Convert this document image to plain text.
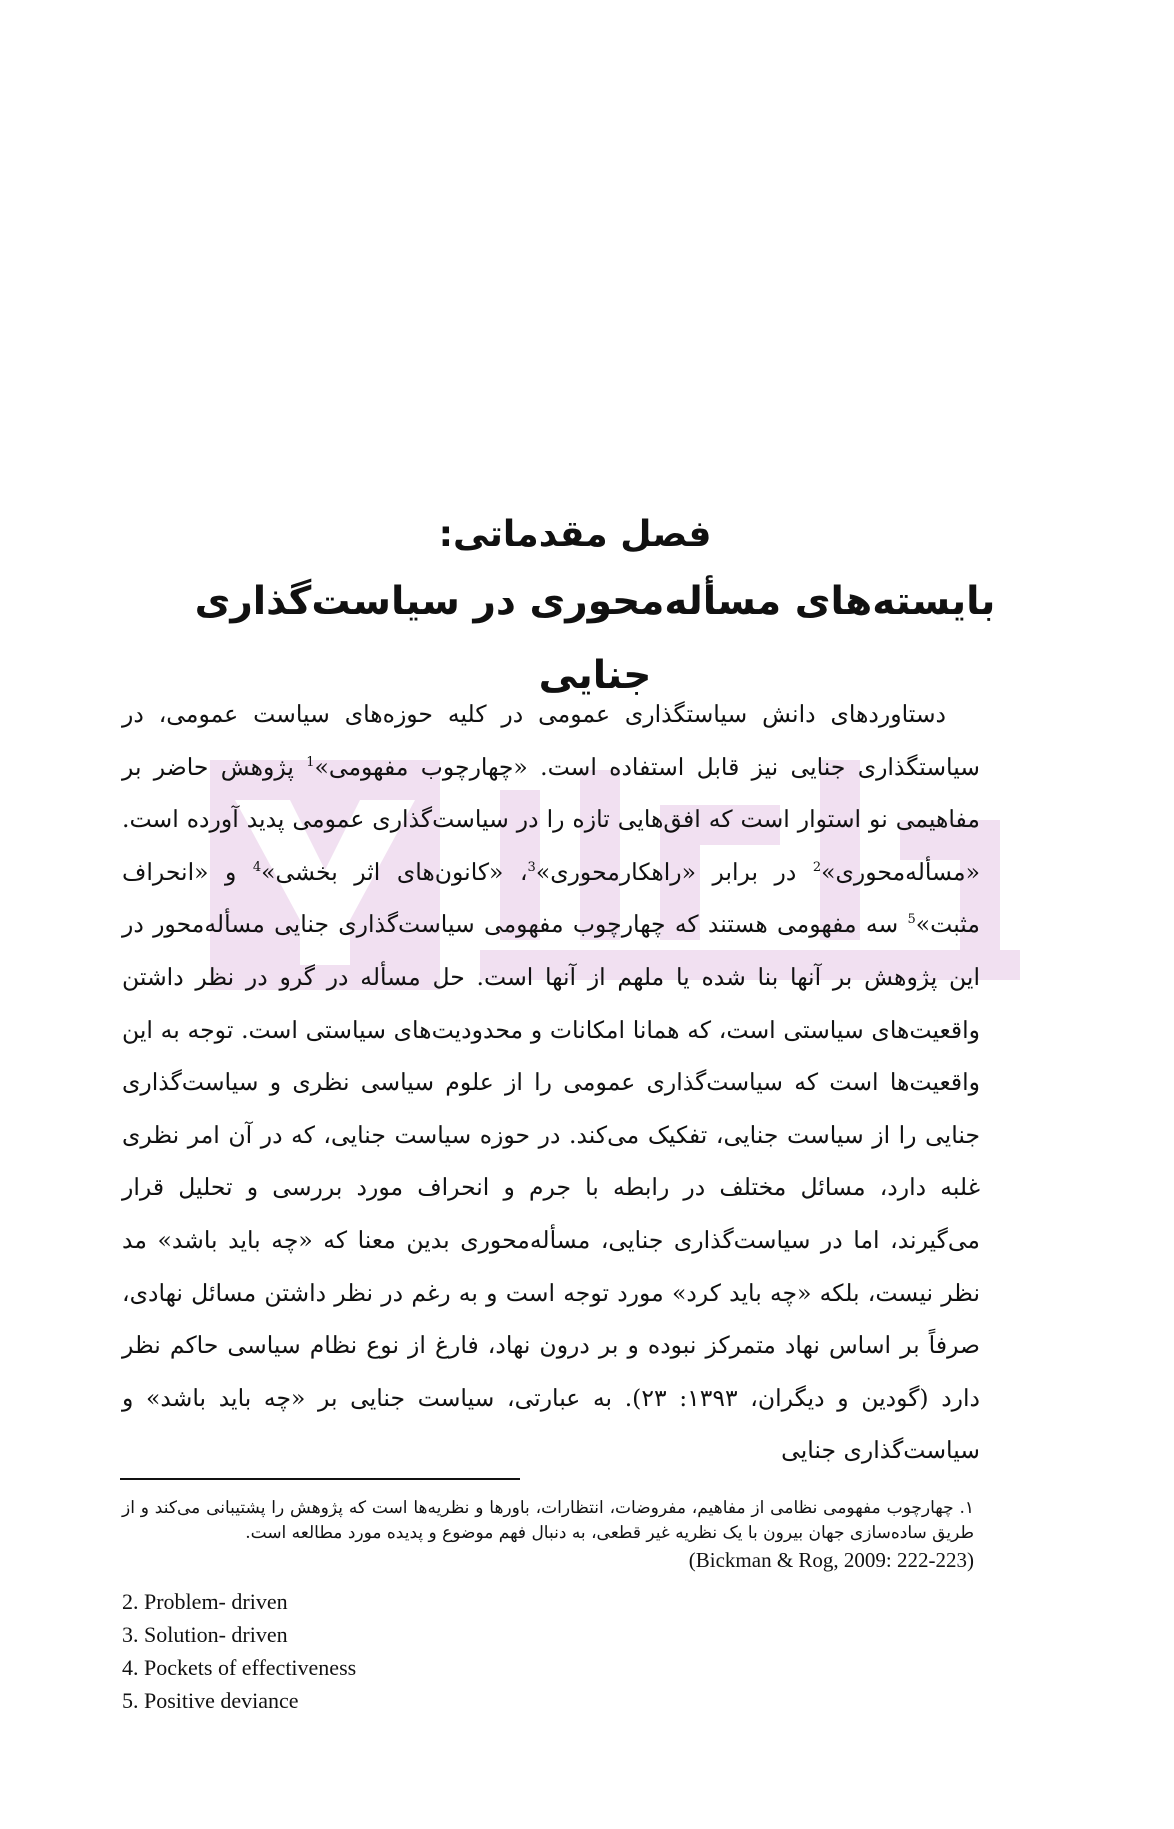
فصل مقدماتی:
بایسته‌های مسأله‌محوری در سیاست‌گذاری جنایی

دستاوردهای دانش سیاستگذاری عمومی در کلیه حوزه‌های سیاست عمومی، در سیاستگذاری جنایی نیز قابل استفاده است. «چهارچوب مفهومی»$^1$ پژوهش حاضر بر مفاهیمی نو استوار است که افق‌هایی تازه را در سیاست‌گذاری عمومی پدید آورده است. «مسأله‌محوری»$^2$ در برابر «راهکارمحوری»$^3$، «کانون‌های اثر بخشی»$^4$ و «انحراف مثبت»$^5$ سه مفهومی هستند که چهارچوب مفهومی سیاست‌گذاری جنایی مسأله‌محور در این پژوهش بر آنها بنا شده یا ملهم از آنها است. حل مسأله در گرو در نظر داشتن واقعیت‌های سیاستی است، که همانا امکانات و محدودیت‌های سیاستی است. توجه به این واقعیت‌ها است که سیاست‌گذاری عمومی را از علوم سیاسی نظری و سیاست‌گذاری جنایی را از سیاست جنایی، تفکیک می‌کند. در حوزه سیاست جنایی، که در آن امر نظری غلبه دارد، مسائل مختلف در رابطه با جرم و انحراف مورد بررسی و تحلیل قرار می‌گیرند، اما در سیاست‌گذاری جنایی، مسأله‌محوری بدین معنا که «چه باید باشد» مد نظر نیست، بلکه «چه باید کرد» مورد توجه است و به رغم در نظر داشتن مسائل نهادی، صرفاً بر اساس نهاد متمرکز نبوده و بر درون نهاد، فارغ از نوع نظام سیاسی حاکم نظر دارد (گودین و دیگران، ۱۳۹۳: ۲۳). به عبارتی، سیاست جنایی بر «چه باید باشد» و سیاست‌گذاری جنایی

۱. چهارچوب مفهومی نظامی از مفاهیم، مفروضات، انتظارات، باورها و نظریه‌ها است که پژوهش را پشتیبانی می‌کند و از طریق ساده‌سازی جهان بیرون با یک نظریه غیر قطعی، به دنبال فهم موضوع و پدیده مورد مطالعه است.
(Bickman & Rog, 2009: 222-223)
2. Problem- driven
3. Solution- driven
4. Pockets of effectiveness
5. Positive deviance
